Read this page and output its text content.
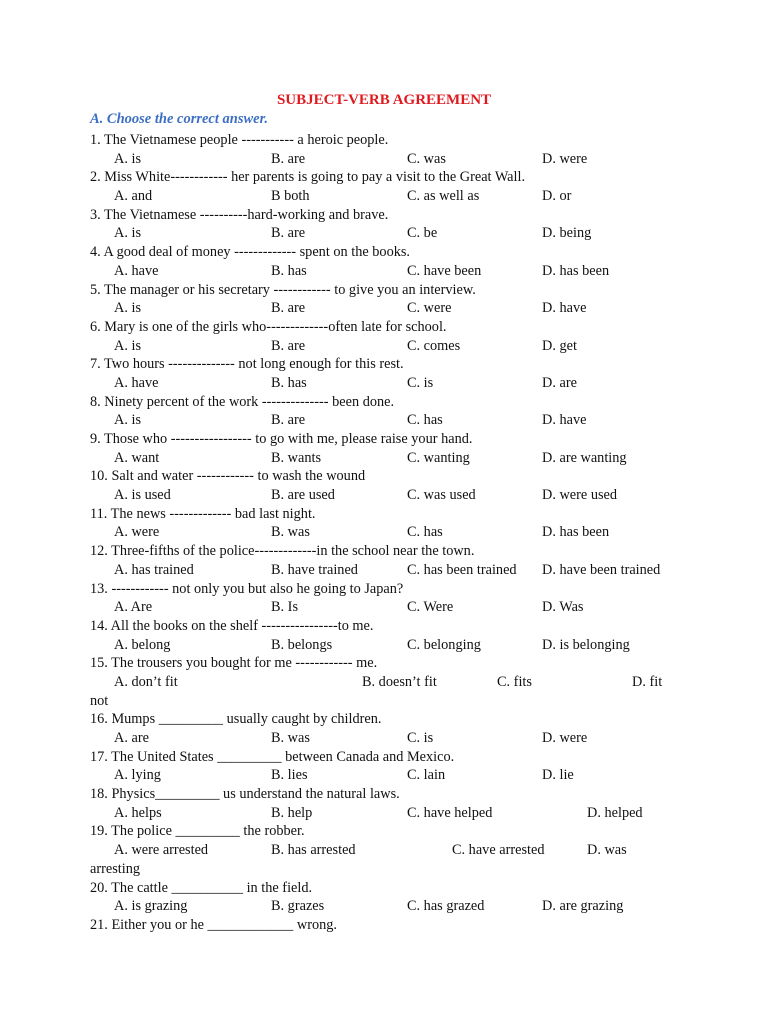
SUBJECT-VERB AGREEMENT
A. Choose the correct answer.
1. The Vietnamese people ----------- a heroic people.
A. is	B. are	C. was	D. were
2. Miss White------------ her parents is going to pay a visit to the Great Wall.
A. and	B both	C. as well as	D. or
3. The Vietnamese ----------hard-working and brave.
A. is	B. are	C. be	D. being
4. A good deal of money ------------- spent on the books.
A. have	B. has	C. have been	D. has been
5. The manager or his secretary ------------ to give you an interview.
A. is	B. are	C. were	D. have
6. Mary is one of the girls who-------------often late for school.
A. is	B. are	C. comes	D. get
7. Two hours -------------- not long enough for this rest.
A. have	B. has	C. is	D. are
8. Ninety percent of the work -------------- been done.
A. is	B. are	C. has	D. have
9. Those who ----------------- to go with me, please raise your hand.
A. want	B. wants	C. wanting	D. are wanting
10. Salt and water ------------ to wash the wound
A. is used	B. are used	C. was used	D. were used
11. The news ------------- bad last night.
A. were	B. was	C. has	D. has been
12. Three-fifths of the police-------------in the school near the town.
A. has trained	B. have trained	C. has been trained D. have been trained
13. ------------ not only you but also he going to Japan?
A. Are	B. Is	C. Were	D. Was
14. All the books on the shelf ----------------to me.
A. belong	B. belongs	C. belonging	D. is belonging
15. The trousers you bought for me ------------ me.
A. don’t fit	B. doesn’t fit	C. fits	D. fit
not
16. Mumps _________ usually caught by children.
A. are	B. was	C. is	D. were
17. The United States _________ between Canada and Mexico.
A. lying	B. lies	C. lain	D. lie
18. Physics_________ us understand the natural laws.
A. helps	B. help	C. have helped	D. helped
19. The police _________ the robber.
A. were arrested	B. has arrested	C. have arrested	D. was
arresting
20. The cattle __________ in the field.
A. is grazing	B. grazes	C. has grazed	D. are grazing
21. Either you or he ____________ wrong.
